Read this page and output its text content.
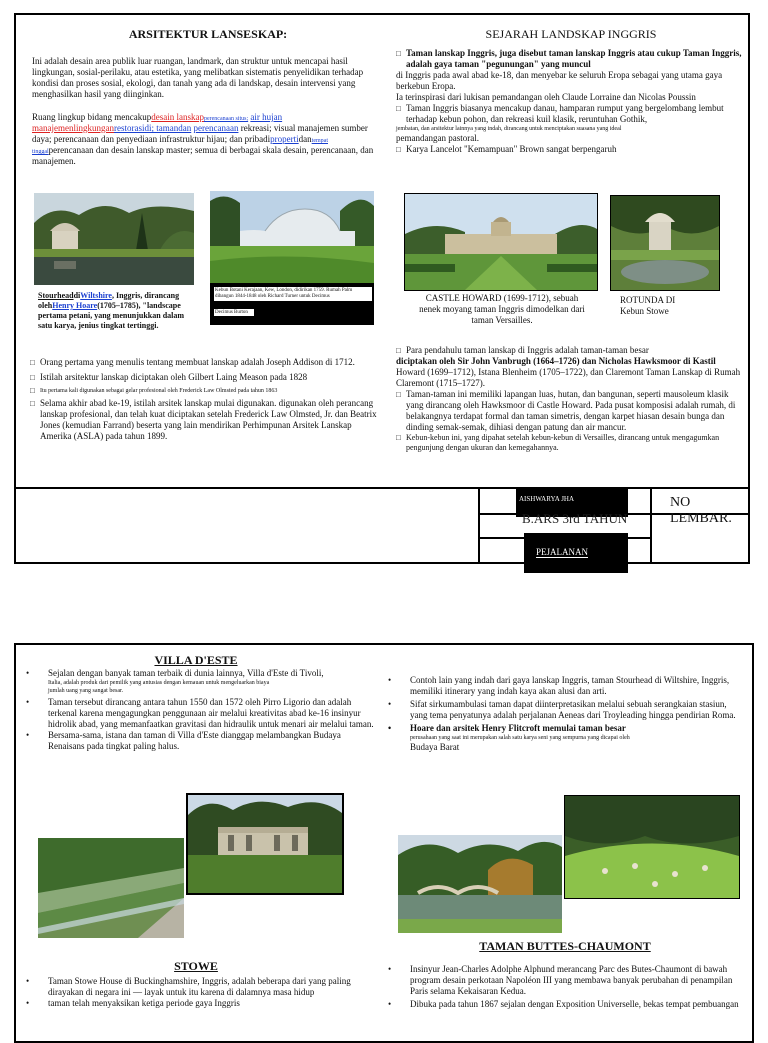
ARSITEKTUR LANSESKAP:

Ini adalah desain area publik luar ruangan, landmark, dan struktur untuk mencapai hasil lingkungan, sosial-perilaku, atau estetika, yang melibatkan sistematis penyelidikan terhadap kondisi dan proses sosial, ekologi, dan tanah yang ada di landskap, desain intervensi yang menghasilkan hasil yang diinginkan.

Ruang lingkup bidang mencakupdesain lanskapperencanaan situs; air hujan manajemenlingkunganrestorasidi; tamandan perencanaan rekreasi; visual manajemen sumber daya; perencanaan dan penyediaan infrastruktur hijau; dan pribadipropertidantempat tinggalperencanaan dan desain lanskap master; semua di berbagai skala desain, perencanaan, dan manajemen.

Kebun Botani Kerajaan, Kew, London, didirikan 1759. Rumah Palm dibangun 1844-1848 oleh Richard Turner untuk Decimus
Decimus Burton
StourheaddiWiltshire, Inggris, dirancang olehHenry Hoare(1705–1785), "landscape pertama petani, yang menunjukkan dalam satu karya, jenius tingkat tertinggi.

□ Orang pertama yang menulis tentang membuat lanskap adalah Joseph Addison di 1712.

□ Istilah arsitektur lanskap diciptakan oleh Gilbert Laing Meason pada 1828

□ Itu pertama kali digunakan sebagai gelar profesional oleh Frederick Law Olmsted pada tahun 1863

□ Selama akhir abad ke-19, istilah arsitek lanskap mulai digunakan. digunakan oleh perancang lanskap profesional, dan telah kuat diciptakan setelah Frederick Law Olmsted, Jr. dan Beatrix Jones (kemudian Farrand) beserta yang lain mendirikan Perhimpunan Arsitek Lanskap Amerika (ASLA) pada tahun 1899.

SEJARAH LANDSKAP INGGRIS

□ Taman lanskap Inggris, juga disebut taman lanskap Inggris atau cukup Taman Inggris, adalah gaya taman "pegunungan" yang muncul

di Inggris pada awal abad ke-18, dan menyebar ke seluruh Eropa sebagai yang utama gaya berkebun Eropa.

Ia terinspirasi dari lukisan pemandangan oleh Claude Lorraine dan Nicolas Poussin

□ Taman Inggris biasanya mencakup danau, hamparan rumput yang bergelombang lembut terhadap kebun pohon, dan rekreasi kuil klasik, reruntuhan Gothik,

jembatan, dan arsitektur lainnya yang indah, dirancang untuk menciptakan suasana yang ideal

pemandangan pastoral.

□ Karya Lancelot "Kemampuan" Brown sangat berpengaruh

CASTLE HOWARD (1699-1712), sebuah nenek moyang taman Inggris dimodelkan dari taman Versailles.
ROTUNDA DI Kebun Stowe

□ Para pendahulu taman lanskap di Inggris adalah taman-taman besar

diciptakan oleh Sir John Vanbrugh (1664–1726) dan Nicholas Hawksmoor di Kastil

Howard (1699–1712), Istana Blenheim (1705–1722), dan Claremont Taman Lanskap di Rumah Claremont (1715–1727).

□ Taman-taman ini memiliki lapangan luas, hutan, dan bangunan, seperti mausoleum klasik yang dirancang oleh Hawksmoor di Castle Howard. Pada pusat komposisi adalah rumah, di belakangnya terdapat formal dan taman simetris, dengan karpet hiasan desain bunga dan dinding semak-semak, dihiasi dengan patung dan air mancur.

□ Kebun-kebun ini, yang dipahat setelah kebun-kebun di Versailles, dirancang untuk mengagumkan pengunjung dengan ukuran dan kemegahannya.

AISHWARYA JHA
B.ARS 3rd TAHUN
PEJALANAN
NO LEMBAR.
VILLA D'ESTE

• Sejalan dengan banyak taman terbaik di dunia lainnya, Villa d'Este di Tivoli,

Italia, adalah produk dari pemilik yang antusias dengan kemauan untuk mengeluarkan biaya

jumlah uang yang sangat besar.

• Taman tersebut dirancang antara tahun 1550 dan 1572 oleh Pirro Ligorio dan adalah terkenal karena mengagungkan penggunaan air melalui kreativitas abad ke-16 insinyur hidrolik abad, yang memanfaatkan gravitasi dan hidraulik untuk menari air melalui taman.

• Bersama-sama, istana dan taman di Villa d'Este dianggap melambangkan Budaya Renaisans pada tingkat paling halus.

STOWE

• Taman Stowe House di Buckinghamshire, Inggris, adalah beberapa dari yang paling dirayakan di negara ini — layak untuk itu karena di dalamnya masa hidup

• taman telah menyaksikan ketiga periode gaya Inggris

• Contoh lain yang indah dari gaya lanskap Inggris, taman Stourhead di Wiltshire, Inggris, memiliki itinerary yang indah kaya akan alusi dan arti.

• Sifat sirkumambulasi taman dapat diinterpretasikan melalui sebuah serangkaian stasiun, yang tema penyatunya adalah perjalanan Aeneas dari Troyleading hingga pendirian Roma.

• Hoare dan arsitek Henry Flitcroft memulai taman besar

perusahaan yang saat ini merupakan salah satu karya seni yang sempurna yang dicapai oleh

Budaya Barat

TAMAN BUTTES-CHAUMONT

• Insinyur Jean-Charles Adolphe Alphund merancang Parc des Butes-Chaumont di bawah program desain perkotaan Napoléon III yang membawa banyak perubahan di penampilan Paris selama Kekaisaran Kedua.

• Dibuka pada tahun 1867 sejalan dengan Exposition Universelle, bekas tempat pembuangan
